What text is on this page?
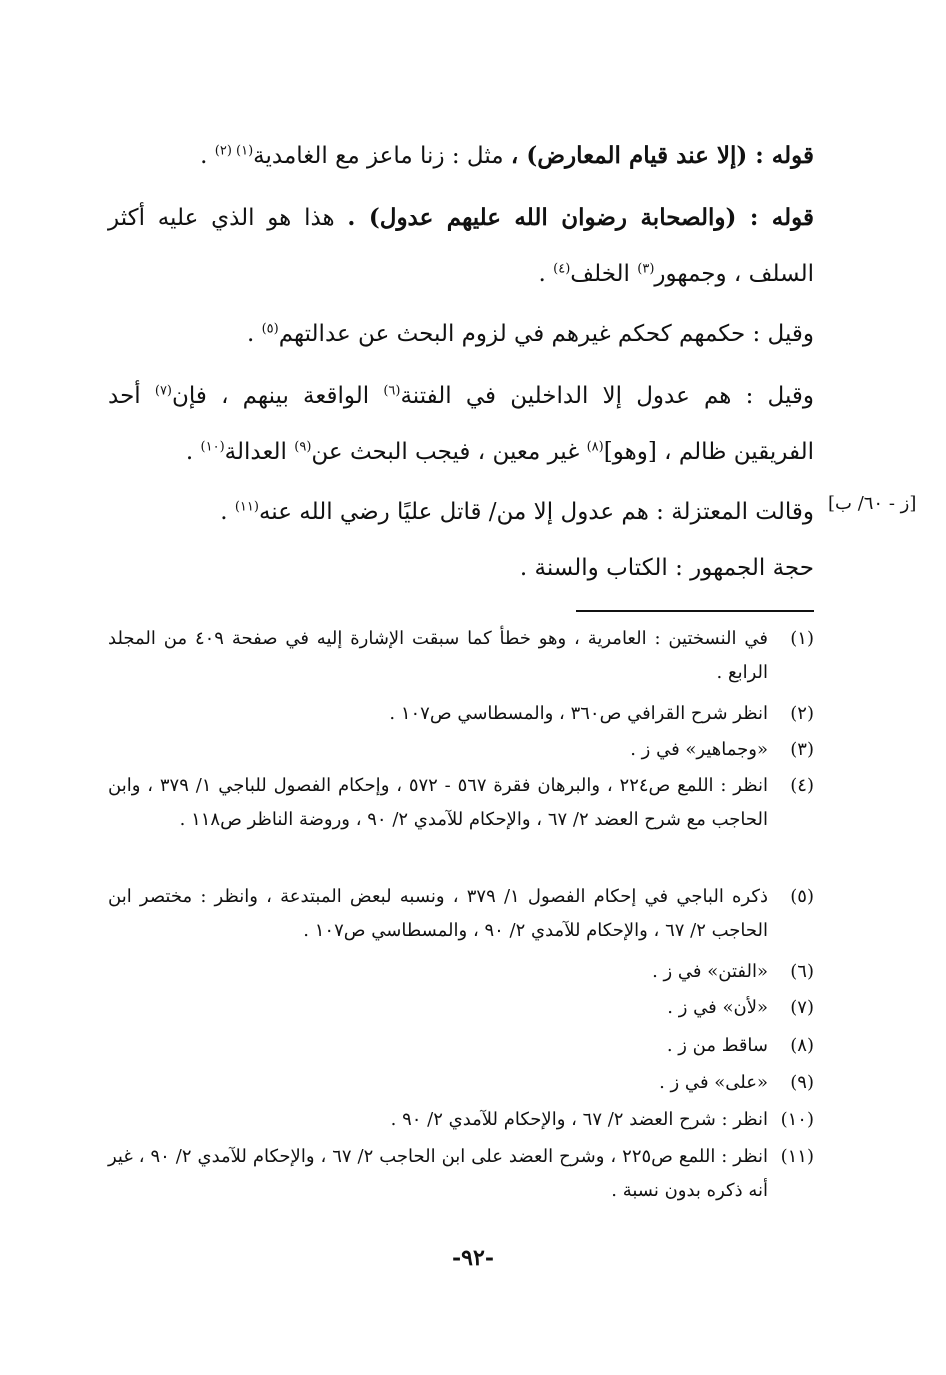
قوله : (إلا عند قيام المعارض) ، مثل : زنا ماعز مع الغامدية$^{(١) (٢)}$ .

قوله : (والصحابة رضوان الله عليهم عدول) . هذا هو الذي عليه أكثر السلف ، وجمهور$^{(٣)}$ الخلف$^{(٤)}$ .

وقيل : حكمهم كحكم غيرهم في لزوم البحث عن عدالتهم$^{(٥)}$ .

وقيل : هم عدول إلا الداخلين في الفتنة$^{(٦)}$ الواقعة بينهم ، فإن$^{(٧)}$ أحد الفريقين ظالم ، [وهو]$^{(٨)}$ غير معين ، فيجب البحث عن$^{(٩)}$ العدالة$^{(١٠)}$ .

وقالت المعتزلة : هم عدول إلا من/ قاتل عليًا رضي الله عنه$^{(١١)}$ .	[ز - ٦٠/ ب]

حجة الجمهور : الكتاب والسنة .

(١)
في النسختين : العامرية ، وهو خطأ كما سبقت الإشارة إليه في صفحة ٤٠٩ من المجلد الرابع .
(٢)
انظر شرح القرافي ص٣٦٠ ، والمسطاسي ص١٠٧ .
(٣)
«وجماهير» في ز .
(٤)
انظر : اللمع ص٢٢٤ ، والبرهان فقرة ٥٦٧ - ٥٧٢ ، وإحكام الفصول للباجي ١/ ٣٧٩ ، وابن الحاجب مع شرح العضد ٢/ ٦٧ ، والإحكام للآمدي ٢/ ٩٠ ، وروضة الناظر ص١١٨ .
(٥)
ذكره الباجي في إحكام الفصول ١/ ٣٧٩ ، ونسبه لبعض المبتدعة ، وانظر : مختصر ابن الحاجب ٢/ ٦٧ ، والإحكام للآمدي ٢/ ٩٠ ، والمسطاسي ص١٠٧ .
(٦)
«الفتن» في ز .
(٧)
«لأن» في ز .
(٨)
ساقط من ز .
(٩)
«على» في ز .
(١٠)
انظر : شرح العضد ٢/ ٦٧ ، والإحكام للآمدي ٢/ ٩٠ .
(١١)
انظر : اللمع ص٢٢٥ ، وشرح العضد على ابن الحاجب ٢/ ٦٧ ، والإحكام للآمدي ٢/ ٩٠ ، غير أنه ذكره بدون نسبة .
-٩٢-
